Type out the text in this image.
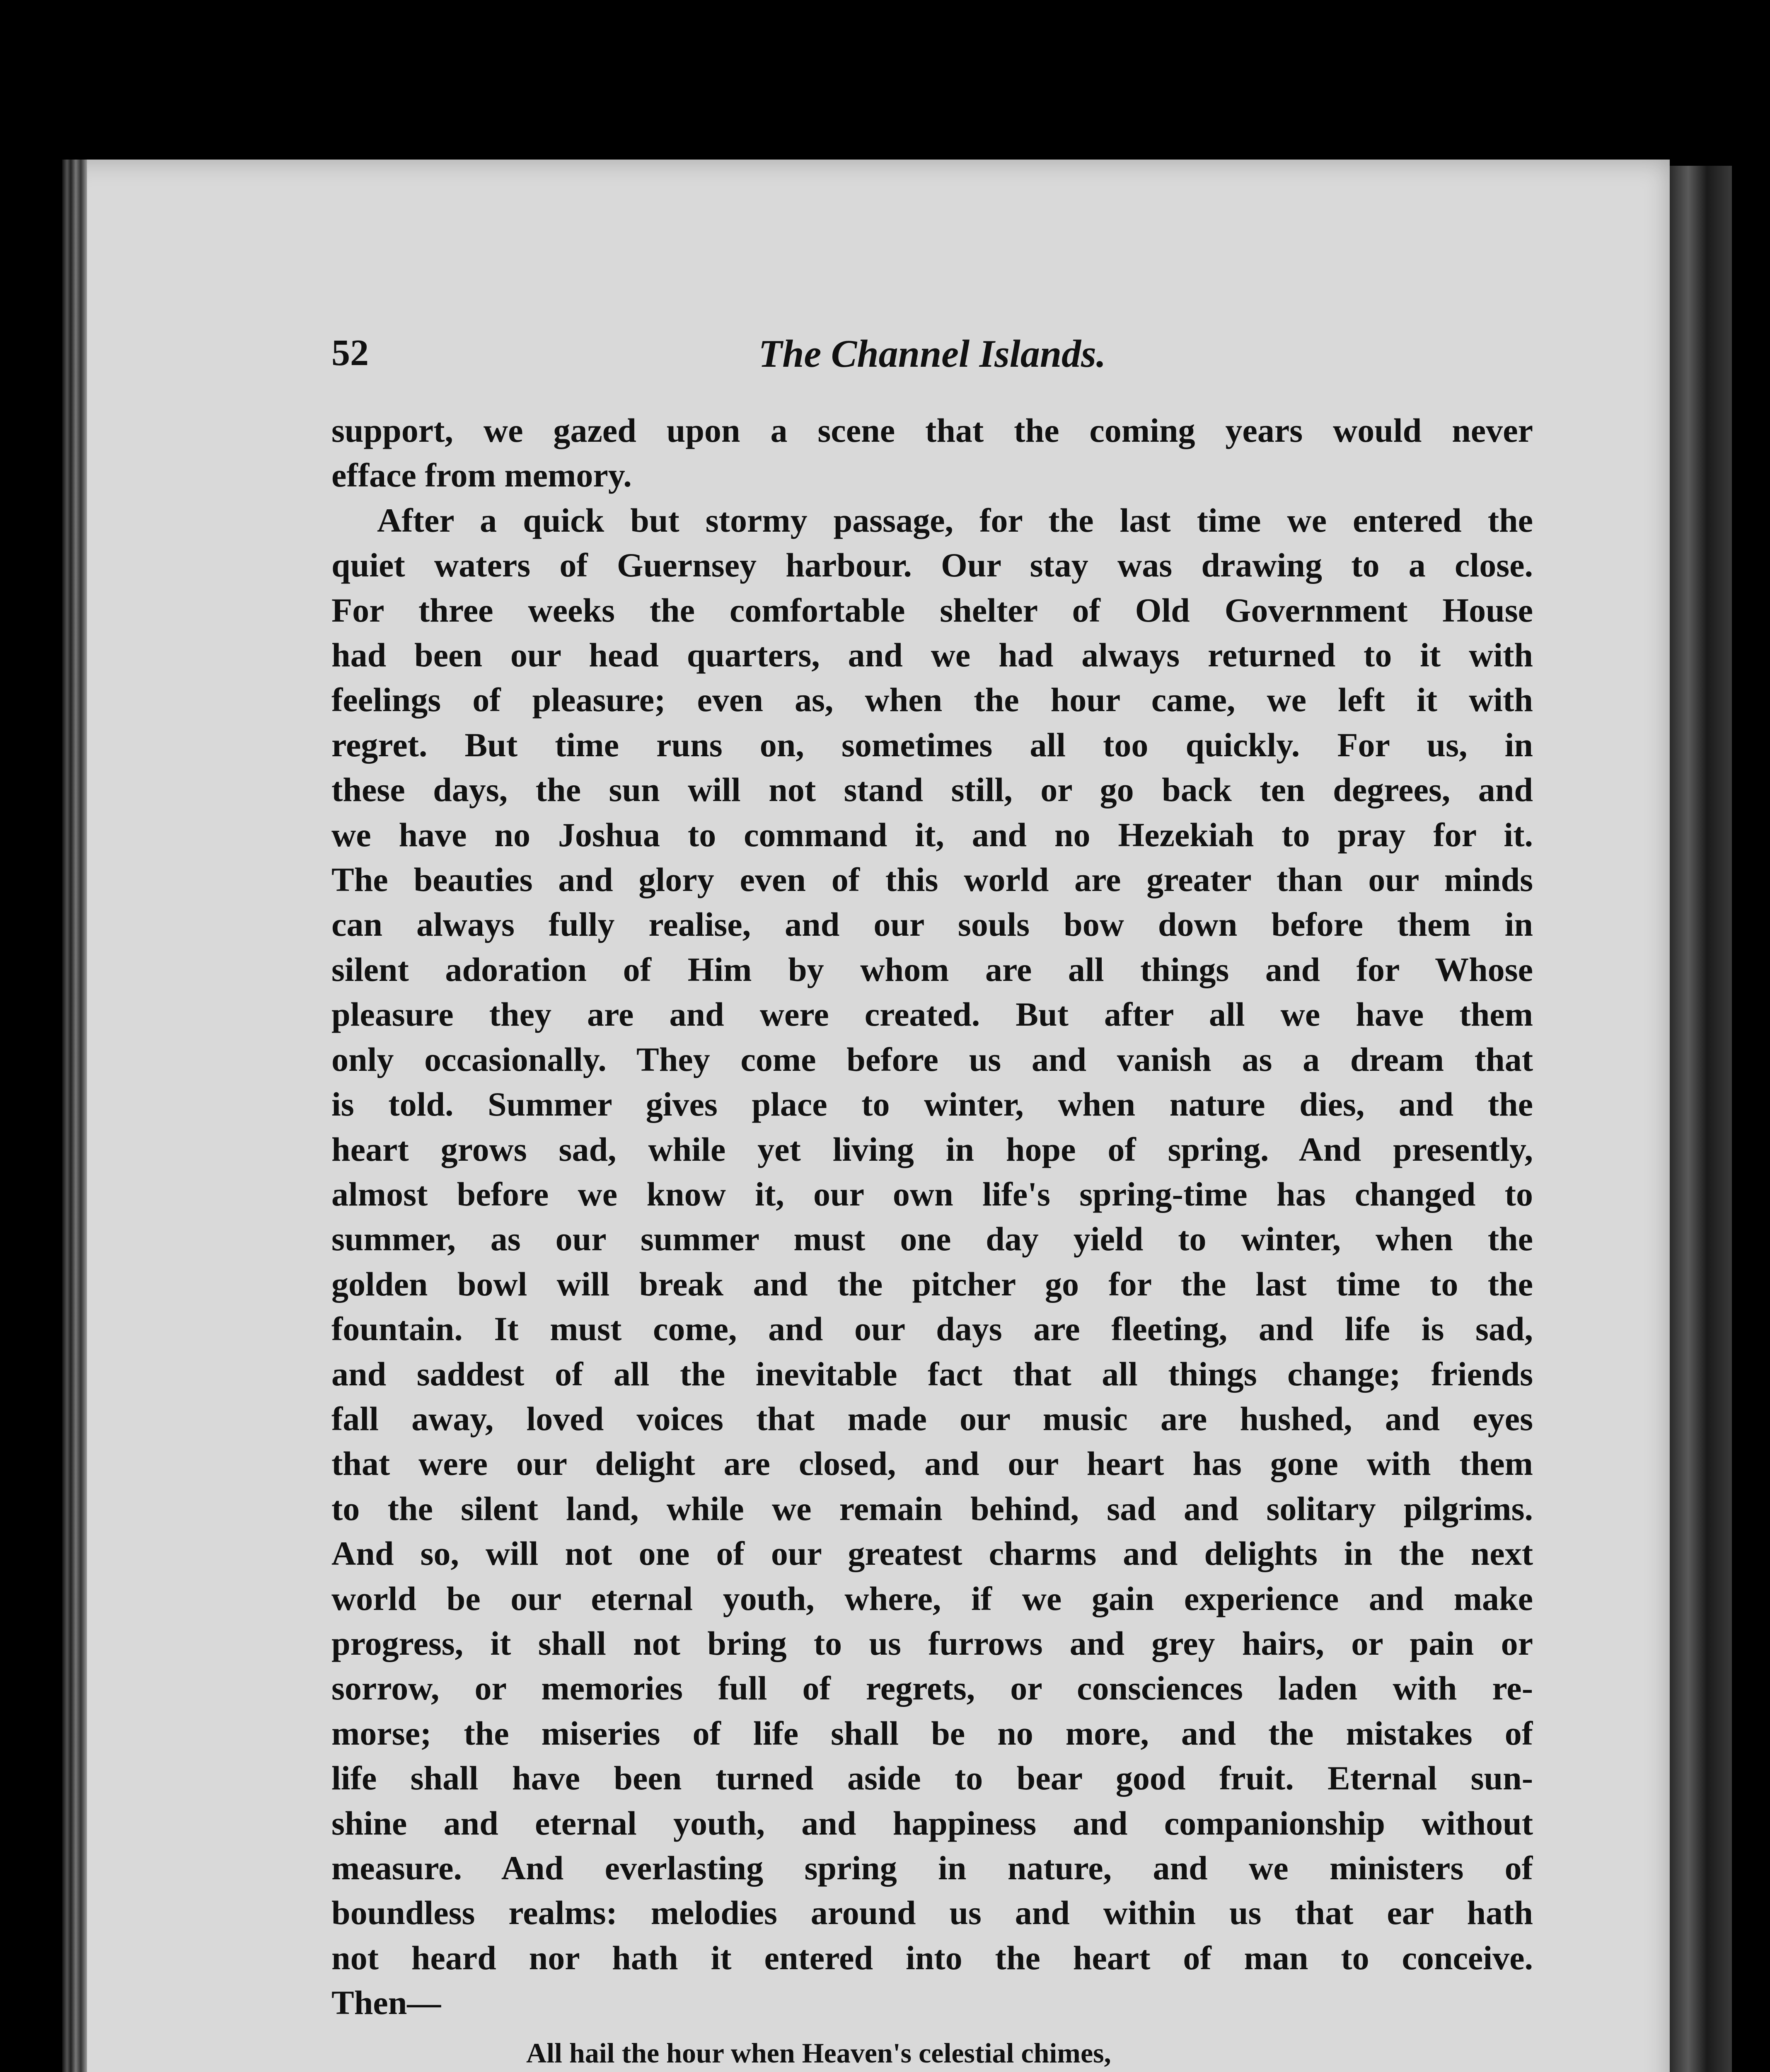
52	The Channel Islands.
support, we gazed upon a scene that the coming years would never
efface from memory.
After a quick but stormy passage, for the last time we entered the
quiet waters of Guernsey harbour. Our stay was drawing to a close.
For three weeks the comfortable shelter of Old Government House
had been our head quarters, and we had always returned to it with
feelings of pleasure; even as, when the hour came, we left it with
regret. But time runs on, sometimes all too quickly. For us, in
these days, the sun will not stand still, or go back ten degrees, and
we have no Joshua to command it, and no Hezekiah to pray for it.
The beauties and glory even of this world are greater than our minds
can always fully realise, and our souls bow down before them in
silent adoration of Him by whom are all things and for Whose
pleasure they are and were created. But after all we have them
only occasionally. They come before us and vanish as a dream that
is told. Summer gives place to winter, when nature dies, and the
heart grows sad, while yet living in hope of spring. And presently,
almost before we know it, our own life's spring-time has changed to
summer, as our summer must one day yield to winter, when the
golden bowl will break and the pitcher go for the last time to the
fountain. It must come, and our days are fleeting, and life is sad,
and saddest of all the inevitable fact that all things change; friends
fall away, loved voices that made our music are hushed, and eyes
that were our delight are closed, and our heart has gone with them
to the silent land, while we remain behind, sad and solitary pilgrims.
And so, will not one of our greatest charms and delights in the next
world be our eternal youth, where, if we gain experience and make
progress, it shall not bring to us furrows and grey hairs, or pain or
sorrow, or memories full of regrets, or consciences laden with re-
morse; the miseries of life shall be no more, and the mistakes of
life shall have been turned aside to bear good fruit. Eternal sun-
shine and eternal youth, and happiness and companionship without
measure. And everlasting spring in nature, and we ministers of
boundless realms: melodies around us and within us that ear hath
not heard nor hath it entered into the heart of man to conceive.
Then—
All hail the hour when Heaven's celestial chimes,
